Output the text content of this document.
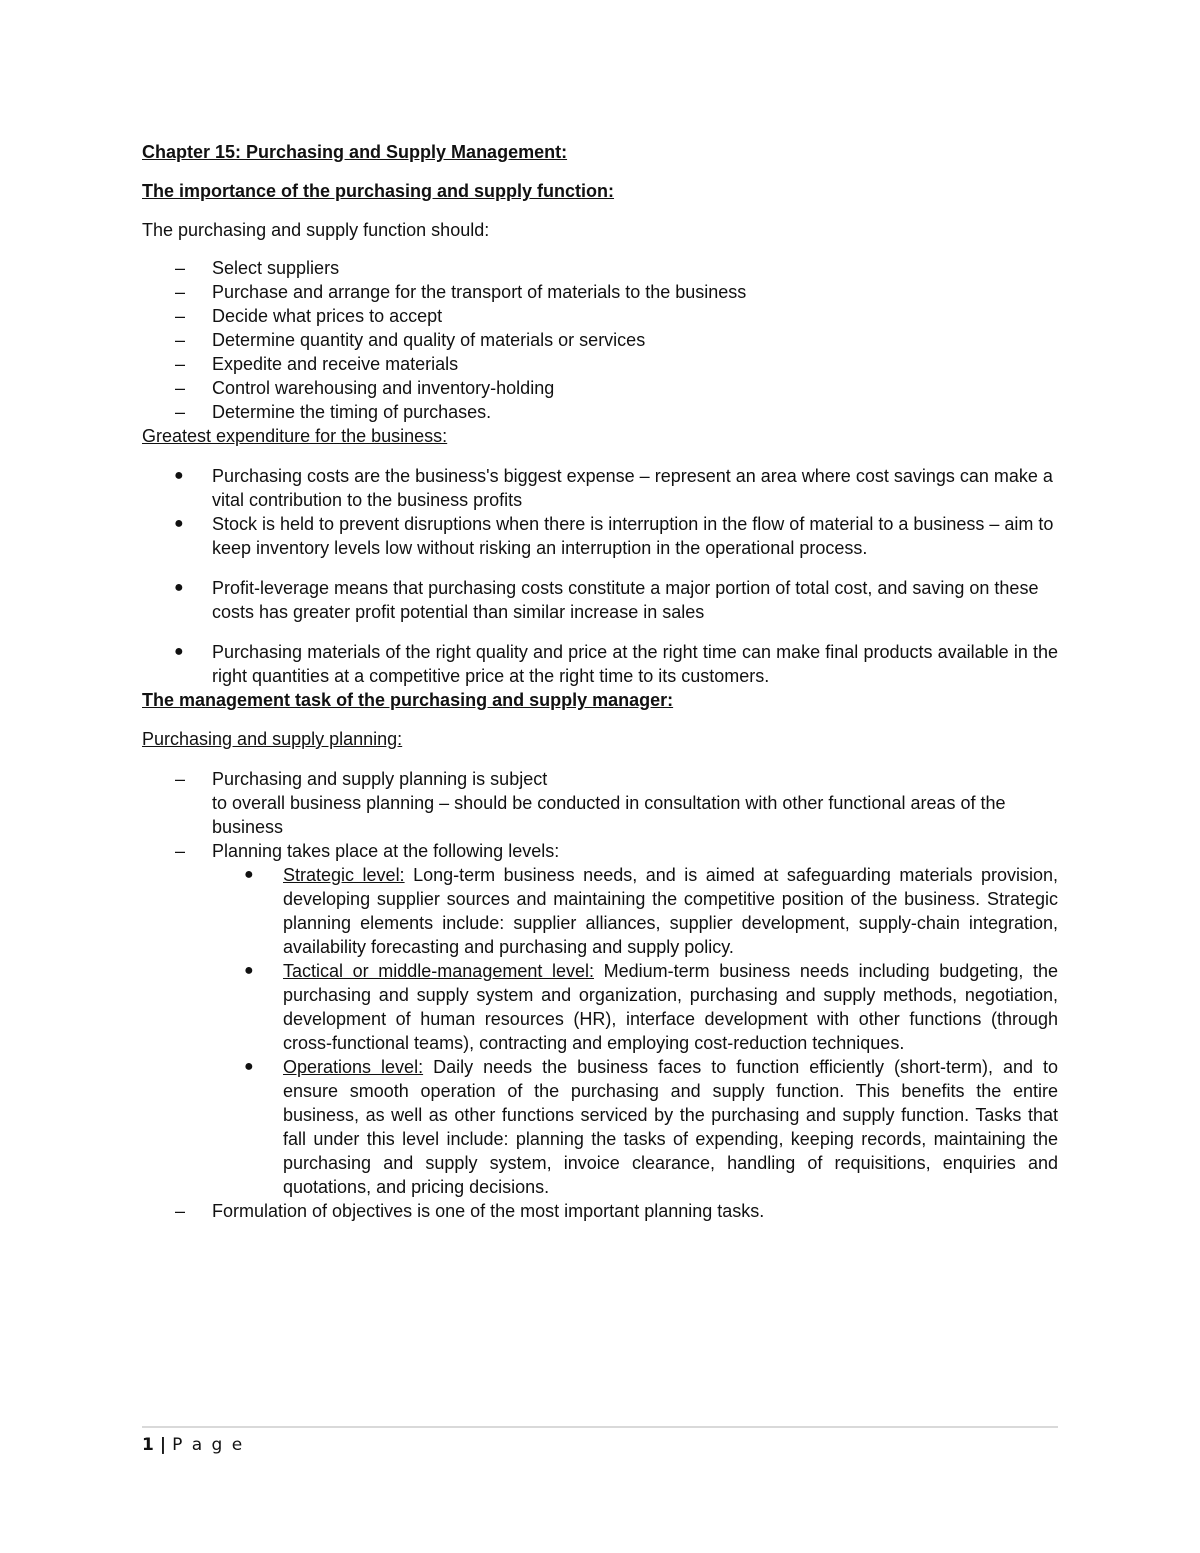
Chapter 15: Purchasing and Supply Management:

The importance of the purchasing and supply function:

The purchasing and supply function should:

– Select suppliers
– Purchase and arrange for the transport of materials to the business
– Decide what prices to accept
– Determine quantity and quality of materials or services
– Expedite and receive materials
– Control warehousing and inventory-holding
– Determine the timing of purchases.

Greatest expenditure for the business:

● Purchasing costs are the business's biggest expense – represent an area where cost savings can make a vital contribution to the business profits
● Stock is held to prevent disruptions when there is interruption in the flow of material to a business – aim to keep inventory levels low without risking an interruption in the operational process.
● Profit-leverage means that purchasing costs constitute a major portion of total cost, and saving on these costs has greater profit potential than similar increase in sales
● Purchasing materials of the right quality and price at the right time can make final products available in the right quantities at a competitive price at the right time to its customers.

The management task of the purchasing and supply manager:

Purchasing and supply planning:

– Purchasing and supply planning is subject
to overall business planning – should be conducted in consultation with other functional areas of the business
– Planning takes place at the following levels:
● Strategic level: Long-term business needs, and is aimed at safeguarding materials provision, developing supplier sources and maintaining the competitive position of the business. Strategic planning elements include: supplier alliances, supplier development, supply-chain integration, availability forecasting and purchasing and supply policy.
● Tactical or middle-management level: Medium-term business needs including budgeting, the purchasing and supply system and organization, purchasing and supply methods, negotiation, development of human resources (HR), interface development with other functions (through cross-functional teams), contracting and employing cost-reduction techniques.
● Operations level: Daily needs the business faces to function efficiently (short-term), and to ensure smooth operation of the purchasing and supply function. This benefits the entire business, as well as other functions serviced by the purchasing and supply function. Tasks that fall under this level include: planning the tasks of expending, keeping records, maintaining the purchasing and supply system, invoice clearance, handling of requisitions, enquiries and quotations, and pricing decisions.
– Formulation of objectives is one of the most important planning tasks.
1 | P a g e
